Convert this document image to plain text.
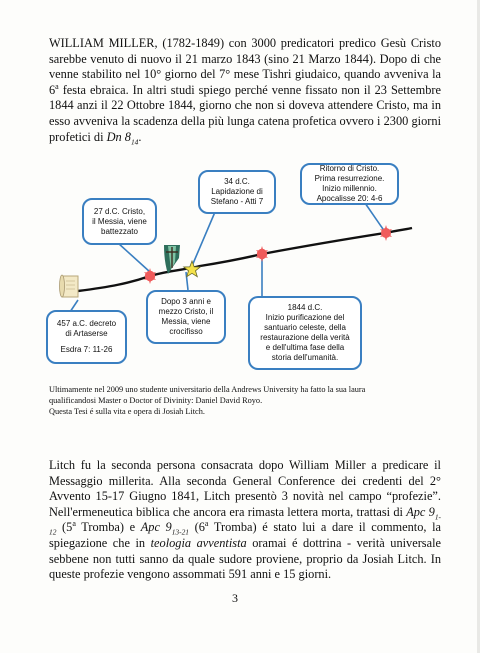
WILLIAM MILLER, (1782-1849) con 3000 predicatori predico Gesù Cristo sarebbe venuto di nuovo il 21 marzo 1843 (sino 21 Marzo 1844). Dopo di che venne stabilito nel 10° giorno del 7° mese Tishri giudaico, quando avveniva la 6$^a$ festa ebraica. In altri studi spiego perché venne fissato non il 23 Settembre 1844 anzi il 22 Ottobre 1844, giorno che non si doveva attendere Cristo, ma in esso avveniva la scadenza della più lunga catena profetica ovvero i 2300 giorni profetici di Dn $8_{14}$.

27 d.C. Cristo,
il Messia, viene
battezzato
34 d.C.
Lapidazione di
Stefano - Atti 7
Ritorno di Cristo.
Prima resurrezione.
Inizio millennio.
Apocalisse 20: 4-6
457 a.C. decreto
di Artaserse
Esdra 7: 11-26
Dopo 3 anni e
mezzo Cristo, il
Messia, viene
crocifisso
1844 d.C.
Inizio purificazione del
santuario celeste, della
restaurazione della verità
e dell'ultima fase della
storia dell'umanità.

Ultimamente nel 2009 uno studente universitario della Andrews University ha fatto la sua laura
qualificandosi Master o Doctor of Divinity: Daniel David Royo.
Questa Tesi é sulla vita e opera di Josiah Litch.

Litch fu la seconda persona consacrata dopo William Miller a predicare il Messaggio millerita. Alla seconda General Conference dei credenti del 2° Avvento 15-17 Giugno 1841, Litch presentò 3 novità nel campo “profezie”. Nell'ermeneutica biblica che ancora era rimasta lettera morta, trattasi di Apc $9_{1-12}$ (5$^a$ Tromba) e Apc $9_{13-21}$ (6$^a$ Tromba) é stato lui a dare il commento, la spiegazione che in teologia avventista oramai é dottrina - verità universale sebbene non tutti sanno da quale sudore proviene, proprio da Josiah Litch. In queste profezie vengono assommati 591 anni e 15 giorni.

3
